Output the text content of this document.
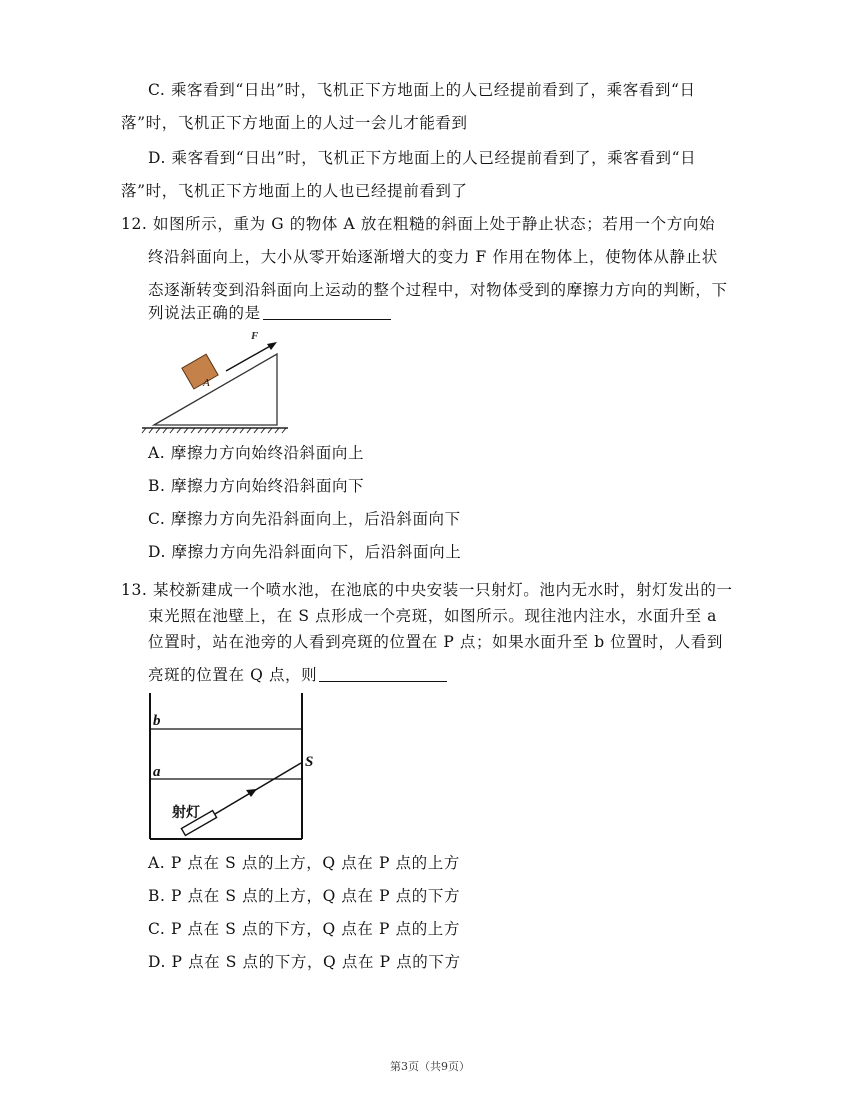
C. 乘客看到“日出”时，飞机正下方地面上的人已经提前看到了，乘客看到“日
落”时，飞机正下方地面上的人过一会儿才能看到
D. 乘客看到“日出”时，飞机正下方地面上的人已经提前看到了，乘客看到“日
落”时，飞机正下方地面上的人也已经提前看到了
12. 如图所示，重为 G 的物体 A 放在粗糙的斜面上处于静止状态；若用一个方向始
终沿斜面向上，大小从零开始逐渐增大的变力 F 作用在物体上，使物体从静止状
态逐渐转变到沿斜面向上运动的整个过程中，对物体受到的摩擦力方向的判断，下
列说法正确的是
A
F
A. 摩擦力方向始终沿斜面向上
B. 摩擦力方向始终沿斜面向下
C. 摩擦力方向先沿斜面向上，后沿斜面向下
D. 摩擦力方向先沿斜面向下，后沿斜面向上
13. 某校新建成一个喷水池，在池底的中央安装一只射灯。池内无水时，射灯发出的一
束光照在池壁上，在 S 点形成一个亮斑，如图所示。现往池内注水，水面升至 a
位置时，站在池旁的人看到亮斑的位置在 P 点；如果水面升至 b 位置时，人看到
亮斑的位置在 Q 点，则
b
a
S
射灯
A. P 点在 S 点的上方，Q 点在 P 点的上方
B. P 点在 S 点的上方，Q 点在 P 点的下方
C. P 点在 S 点的下方，Q 点在 P 点的上方
D. P 点在 S 点的下方，Q 点在 P 点的下方
第3页（共9页）
